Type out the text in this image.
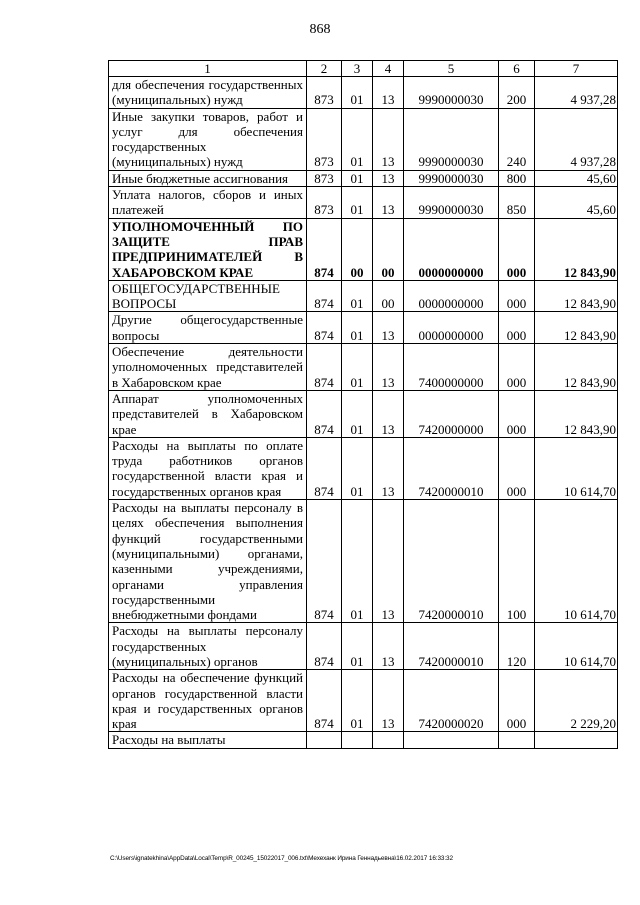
868
1	2	3	4	5	6	7
для обеспечения государственных (муниципальных) нужд	873	01	13	9990000030	200	4 937,28
Иные закупки товаров, работ и услуг для обеспечения государственных (муниципальных) нужд	873	01	13	9990000030	240	4 937,28
Иные бюджетные ассигнования	873	01	13	9990000030	800	45,60
Уплата налогов, сборов и иных платежей	873	01	13	9990000030	850	45,60
УПОЛНОМОЧЕННЫЙ ПО ЗАЩИТЕ ПРАВ ПРЕДПРИНИМАТЕЛЕЙ В ХАБАРОВСКОМ КРАЕ	874	00	00	0000000000	000	12 843,90
ОБЩЕГОСУДАРСТВЕННЫЕ ВОПРОСЫ	874	01	00	0000000000	000	12 843,90
Другие общегосударственные вопросы	874	01	13	0000000000	000	12 843,90
Обеспечение деятельности уполномоченных представителей в Хабаровском крае	874	01	13	7400000000	000	12 843,90
Аппарат уполномоченных представителей в Хабаровском крае	874	01	13	7420000000	000	12 843,90
Расходы на выплаты по оплате труда работников органов государственной власти края и государственных органов края	874	01	13	7420000010	000	10 614,70
Расходы на выплаты персоналу в целях обеспечения выполнения функций государственными (муниципальными) органами, казенными учреждениями, органами управления государственными внебюджетными фондами	874	01	13	7420000010	100	10 614,70
Расходы на выплаты персоналу государственных (муниципальных) органов	874	01	13	7420000010	120	10 614,70
Расходы на обеспечение функций органов государственной власти края и государственных органов края	874	01	13	7420000020	000	2 229,20
Расходы на выплаты						
C:\Users\ignatekhina\AppData\Local\Temp\R_00245_15022017_006.txt\Мехеханк Ирина Геннадьевна\16.02.2017 16:33:32
